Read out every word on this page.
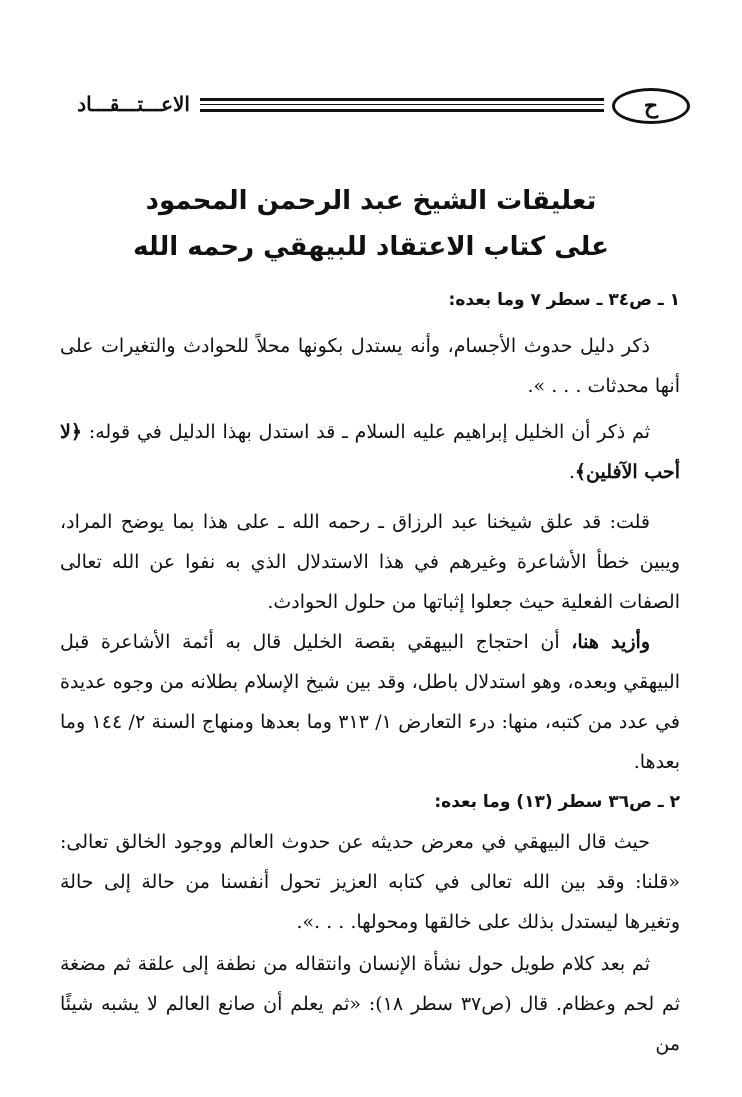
ح
الاعـــتـــقـــاد
تعليقات الشيخ عبد الرحمن المحمود
على كتاب الاعتقاد للبيهقي رحمه الله
١ ـ ص٣٤ ـ سطر ٧ وما بعده:
ذكر دليل حدوث الأجسام، وأنه يستدل بكونها محلاً للحوادث والتغيرات على أنها محدثات . . . ».
ثم ذكر أن الخليل إبراهيم عليه السلام ـ قد استدل بهذا الدليل في قوله: ﴿لا أحب الآفلين﴾.
قلت: قد علق شيخنا عبد الرزاق ـ رحمه الله ـ على هذا بما يوضح المراد، ويبين خطأ الأشاعرة وغيرهم في هذا الاستدلال الذي به نفوا عن الله تعالى الصفات الفعلية حيث جعلوا إثباتها من حلول الحوادث.
وأزيد هنا، أن احتجاج البيهقي بقصة الخليل قال به أئمة الأشاعرة قبل البيهقي وبعده، وهو استدلال باطل، وقد بين شيخ الإسلام بطلانه من وجوه عديدة في عدد من كتبه، منها: درء التعارض ١/ ٣١٣ وما بعدها ومنهاج السنة ٢/ ١٤٤ وما بعدها.
٢ ـ ص٣٦ سطر (١٣) وما بعده:
حيث قال البيهقي في معرض حديثه عن حدوث العالم ووجود الخالق تعالى: «قلنا: وقد بين الله تعالى في كتابه العزيز تحول أنفسنا من حالة إلى حالة وتغيرها ليستدل بذلك على خالقها ومحولها. . . .».
ثم بعد كلام طويل حول نشأة الإنسان وانتقاله من نطفة إلى علقة ثم مضغة ثم لحم وعظام. قال (ص٣٧ سطر ١٨): «ثم يعلم أن صانع العالم لا يشبه شيئًا من
